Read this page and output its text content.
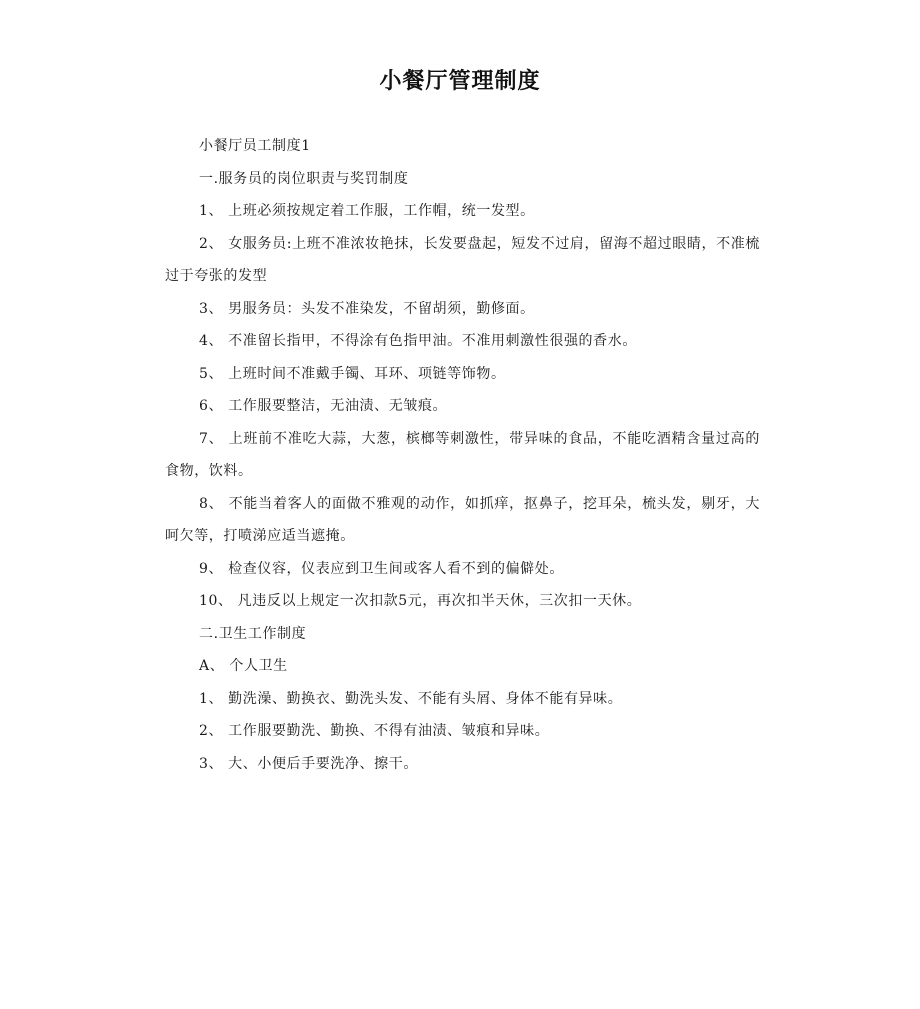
小餐厅管理制度

小餐厅员工制度1

一.服务员的岗位职责与奖罚制度

1、 上班必须按规定着工作服，工作帽，统一发型。

2、 女服务员:上班不准浓妆艳抹，长发要盘起，短发不过肩，留海不超过眼睛，不准梳过于夸张的发型

3、 男服务员：头发不准染发，不留胡须，勤修面。

4、 不准留长指甲，不得涂有色指甲油。不准用刺激性很强的香水。

5、 上班时间不准戴手镯、耳环、项链等饰物。

6、 工作服要整洁，无油渍、无皱痕。

7、 上班前不准吃大蒜，大葱，槟榔等刺激性，带异味的食品，不能吃酒精含量过高的食物，饮料。

8、 不能当着客人的面做不雅观的动作，如抓痒，抠鼻子，挖耳朵，梳头发，剔牙，大呵欠等，打喷涕应适当遮掩。

9、 检查仪容，仪表应到卫生间或客人看不到的偏僻处。

10、 凡违反以上规定一次扣款5元，再次扣半天休，三次扣一天休。

二.卫生工作制度

A、 个人卫生

1、 勤洗澡、勤换衣、勤洗头发、不能有头屑、身体不能有异味。

2、 工作服要勤洗、勤换、不得有油渍、皱痕和异味。

3、 大、小便后手要洗净、擦干。
